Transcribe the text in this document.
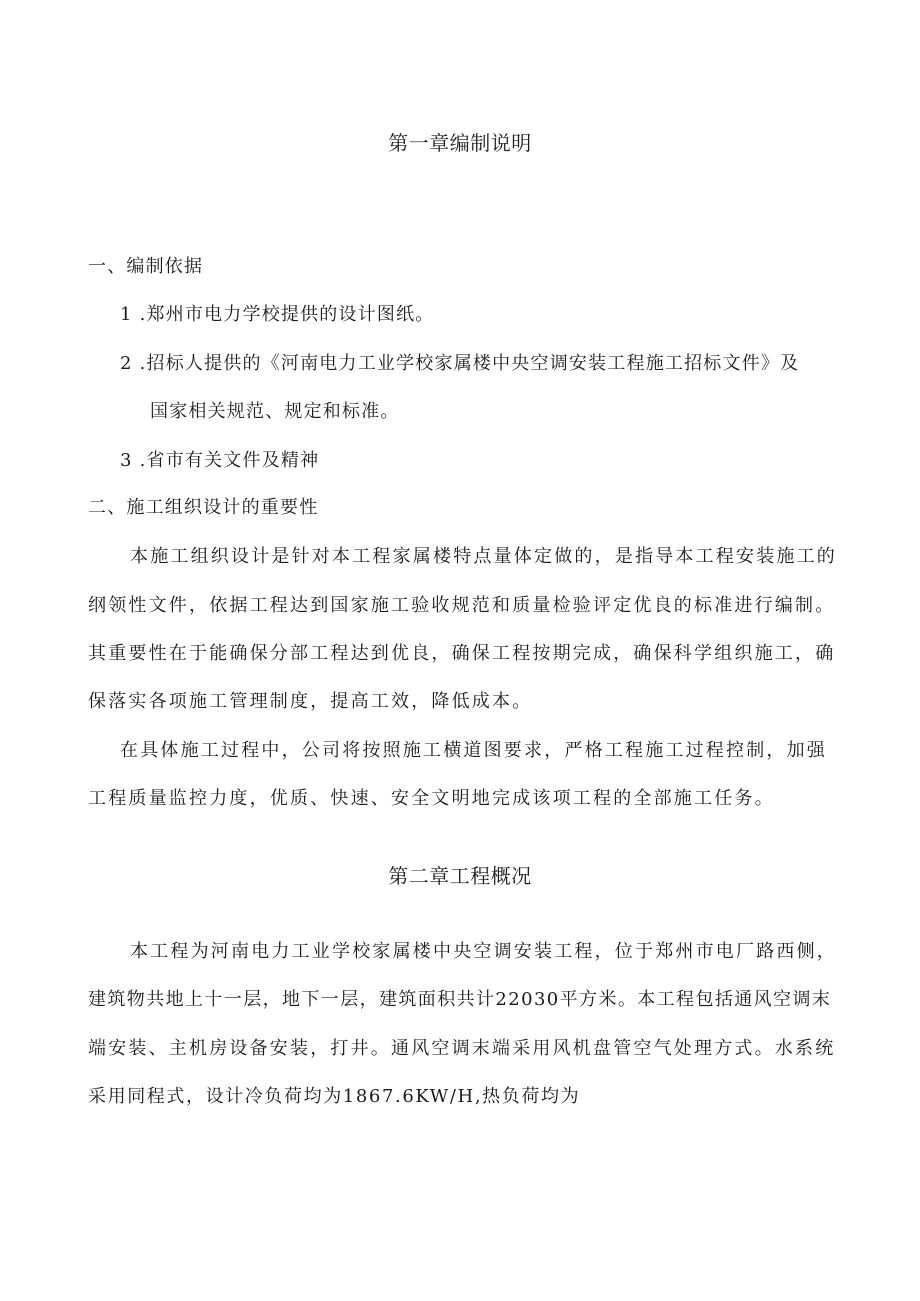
第一章编制说明
一、编制依据
1 .郑州市电力学校提供的设计图纸。
2 .招标人提供的《河南电力工业学校家属楼中央空调安装工程施工招标文件》及
国家相关规范、规定和标准。
3 .省市有关文件及精神
二、施工组织设计的重要性
本施工组织设计是针对本工程家属楼特点量体定做的，是指导本工程安装施工的
纲领性文件，依据工程达到国家施工验收规范和质量检验评定优良的标准进行编制。
其重要性在于能确保分部工程达到优良，确保工程按期完成，确保科学组织施工，确
保落实各项施工管理制度，提高工效，降低成本。
在具体施工过程中，公司将按照施工横道图要求，严格工程施工过程控制，加强
工程质量监控力度，优质、快速、安全文明地完成该项工程的全部施工任务。
第二章工程概况
本工程为河南电力工业学校家属楼中央空调安装工程，位于郑州市电厂路西侧，
建筑物共地上十一层，地下一层，建筑面积共计22030平方米。本工程包括通风空调末
端安装、主机房设备安装，打井。通风空调末端采用风机盘管空气处理方式。水系统
采用同程式，设计冷负荷均为1867.6KW/H,热负荷均为
